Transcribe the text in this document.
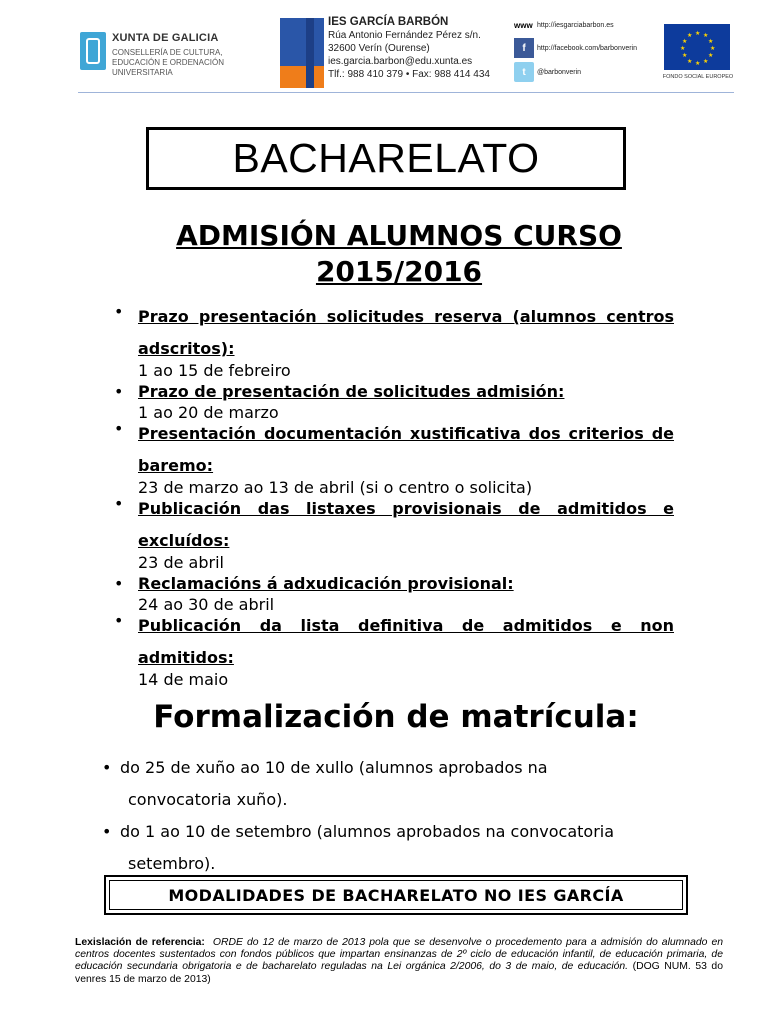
XUNTA DE GALICIA
CONSELLERÍA DE CULTURA, EDUCACIÓN E ORDENACIÓN UNIVERSITARIA
IES GARCÍA BARBÓN
Rúa Antonio Fernández Pérez s/n.
32600 Verín (Ourense)
ies.garcia.barbon@edu.xunta.es
Tlf.: 988 410 379 • Fax: 988 414 434
www http://iesgarciabarbon.es
f	http://facebook.com/barbonverin
t	@barbonverin
★ ★
★
★
★
★
★
★
★
★
★
★
FONDO SOCIAL EUROPEO
BACHARELATO
ADMISIÓN ALUMNOS CURSO 2015/2016
• Prazo presentación solicitudes reserva (alumnos centros adscritos):
1 ao 15 de febreiro
• Prazo de presentación de solicitudes admisión:
1 ao 20 de marzo
• Presentación documentación xustificativa dos criterios de baremo:
23 de marzo ao 13 de abril (si o centro o solicita)
• Publicación das listaxes provisionais de admitidos e excluídos:
23 de abril
• Reclamacións á adxudicación provisional:
24 ao 30 de abril
• Publicación da lista definitiva de admitidos e non admitidos:
14 de maio
Formalización de matrícula:
• do 25 de xuño ao 10 de xullo (alumnos aprobados na
convocatoria xuño).
• do 1 ao 10 de setembro (alumnos aprobados na convocatoria
setembro).
MODALIDADES DE BACHARELATO NO IES GARCÍA
Lexislación de referencia: ORDE do 12 de marzo de 2013 pola que se desenvolve o procedemento para a admisión do alumnado en centros docentes sustentados con fondos públicos que impartan ensinanzas de 2º ciclo de educación infantil, de educación primaria, de educación secundaria obrigatoria e de bacharelato reguladas na Lei orgánica 2/2006, do 3 de maio, de educación. (DOG NUM. 53 do venres 15 de marzo de 2013)
